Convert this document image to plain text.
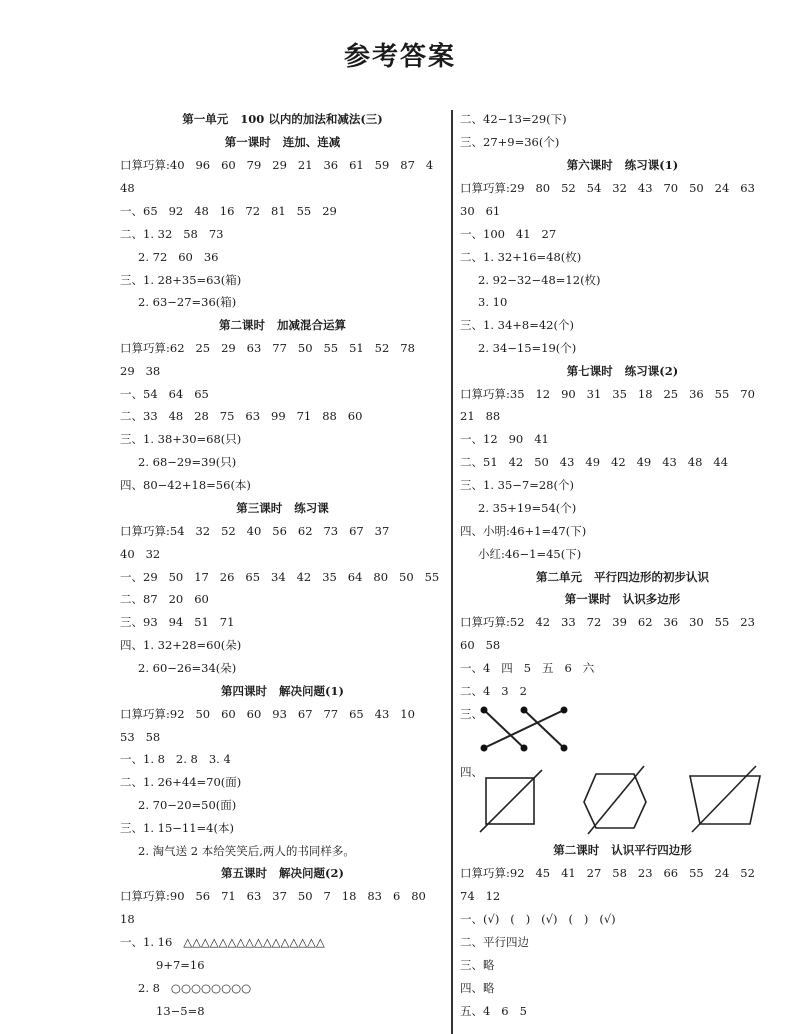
参考答案
第一单元   100 以内的加法和减法(三)
第一课时   连加、连减
口算巧算:40   96   60   79   29   21   36   61   59   87   4
48
一、65   92   48   16   72   81   55   29
二、1. 32   58   73
2. 72   60   36
三、1. 28+35=63(箱)
2. 63−27=36(箱)
第二课时   加减混合运算
口算巧算:62   25   29   63   77   50   55   51   52   78
29   38
一、54   64   65
二、33   48   28   75   63   99   71   88   60
三、1. 38+30=68(只)
2. 68−29=39(只)
四、80−42+18=56(本)
第三课时   练习课
口算巧算:54   32   52   40   56   62   73   67   37
40   32
一、29   50   17   26   65   34   42   35   64   80   50   55
二、87   20   60
三、93   94   51   71
四、1. 32+28=60(朵)
2. 60−26=34(朵)
第四课时   解决问题(1)
口算巧算:92   50   60   60   93   67   77   65   43   10
53   58
一、1. 8   2. 8   3. 4
二、1. 26+44=70(面)
2. 70−20=50(面)
三、1. 15−11=4(本)
2. 淘气送 2 本给笑笑后,两人的书同样多。
第五课时   解决问题(2)
口算巧算:90   56   71   63   37   50   7   18   83   6   80
18
一、1. 16   △△△△△△△△△△△△△△△△
9+7=16
2. 8   ○○○○○○○○
13−5=8
二、42−13=29(下)
三、27+9=36(个)
第六课时   练习课(1)
口算巧算:29   80   52   54   32   43   70   50   24   63
30   61
一、100   41   27
二、1. 32+16=48(枚)
2. 92−32−48=12(枚)
3. 10
三、1. 34+8=42(个)
2. 34−15=19(个)
第七课时   练习课(2)
口算巧算:35   12   90   31   35   18   25   36   55   70
21   88
一、12   90   41
二、51   42   50   43   49   42   49   43   48   44
三、1. 35−7=28(个)
2. 35+19=54(个)
四、小明:46+1=47(下)
小红:46−1=45(下)
第二单元   平行四边形的初步认识
第一课时   认识多边形
口算巧算:52   42   33   72   39   62   36   30   55   23
60   58
一、4   四   5   五   6   六
二、4   3   2
三、
四、
第二课时   认识平行四边形
口算巧算:92   45   41   27   58   23   66   55   24   52
74   12
一、(√)   (   )   (√)   (   )   (√)
二、平行四边
三、略
四、略
五、4   6   5
